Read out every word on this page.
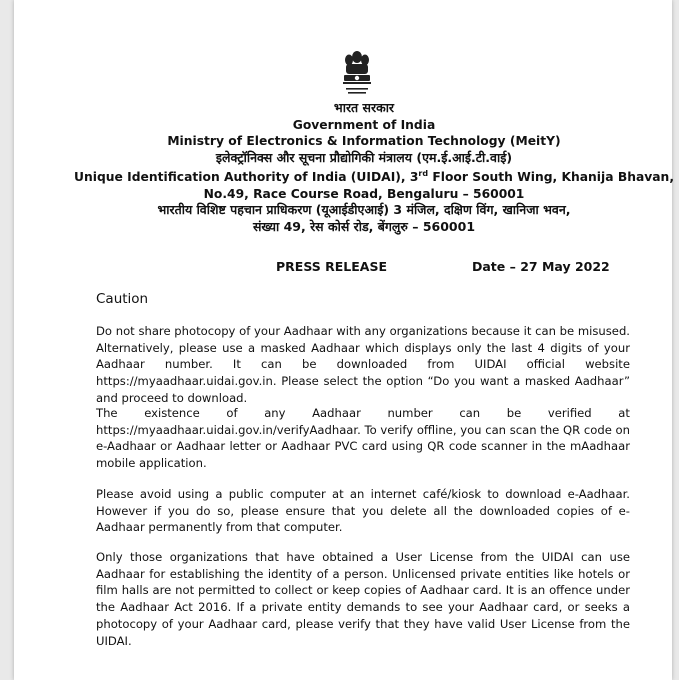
भारत सरकार
Government of India
Ministry of Electronics & Information Technology (MeitY)
इलेक्ट्रॉनिक्स और सूचना प्रौद्योगिकी मंत्रालय (एम.ई.आई.टी.वाई)
Unique Identification Authority of India (UIDAI), 3rd Floor South Wing, Khanija Bhavan,
No.49, Race Course Road, Bengaluru – 560001
भारतीय विशिष्ट पहचान प्राधिकरण (यूआईडीएआई) 3 मंजिल, दक्षिण विंग, खानिजा भवन,
संख्या 49, रेस कोर्स रोड, बेंगलुरु – 560001
PRESS RELEASE	Date – 27 May 2022
Caution
Do not share photocopy of your Aadhaar with any organizations because it can be misused. Alternatively, please use a masked Aadhaar which displays only the last 4 digits of your Aadhaar number. It can be downloaded from UIDAI official website https://myaadhaar.uidai.gov.in. Please select the option “Do you want a masked Aadhaar” and proceed to download.
The existence of any Aadhaar number can be verified at
https://myaadhaar.uidai.gov.in/verifyAadhaar. To verify offline, you can scan the QR code on e-Aadhaar or Aadhaar letter or Aadhaar PVC card using QR code scanner in the mAadhaar mobile application.
Please avoid using a public computer at an internet café/kiosk to download e-Aadhaar. However if you do so, please ensure that you delete all the downloaded copies of e-Aadhaar permanently from that computer.
Only those organizations that have obtained a User License from the UIDAI can use Aadhaar for establishing the identity of a person. Unlicensed private entities like hotels or film halls are not permitted to collect or keep copies of Aadhaar card. It is an offence under the Aadhaar Act 2016. If a private entity demands to see your Aadhaar card, or seeks a photocopy of your Aadhaar card, please verify that they have valid User License from the UIDAI.
